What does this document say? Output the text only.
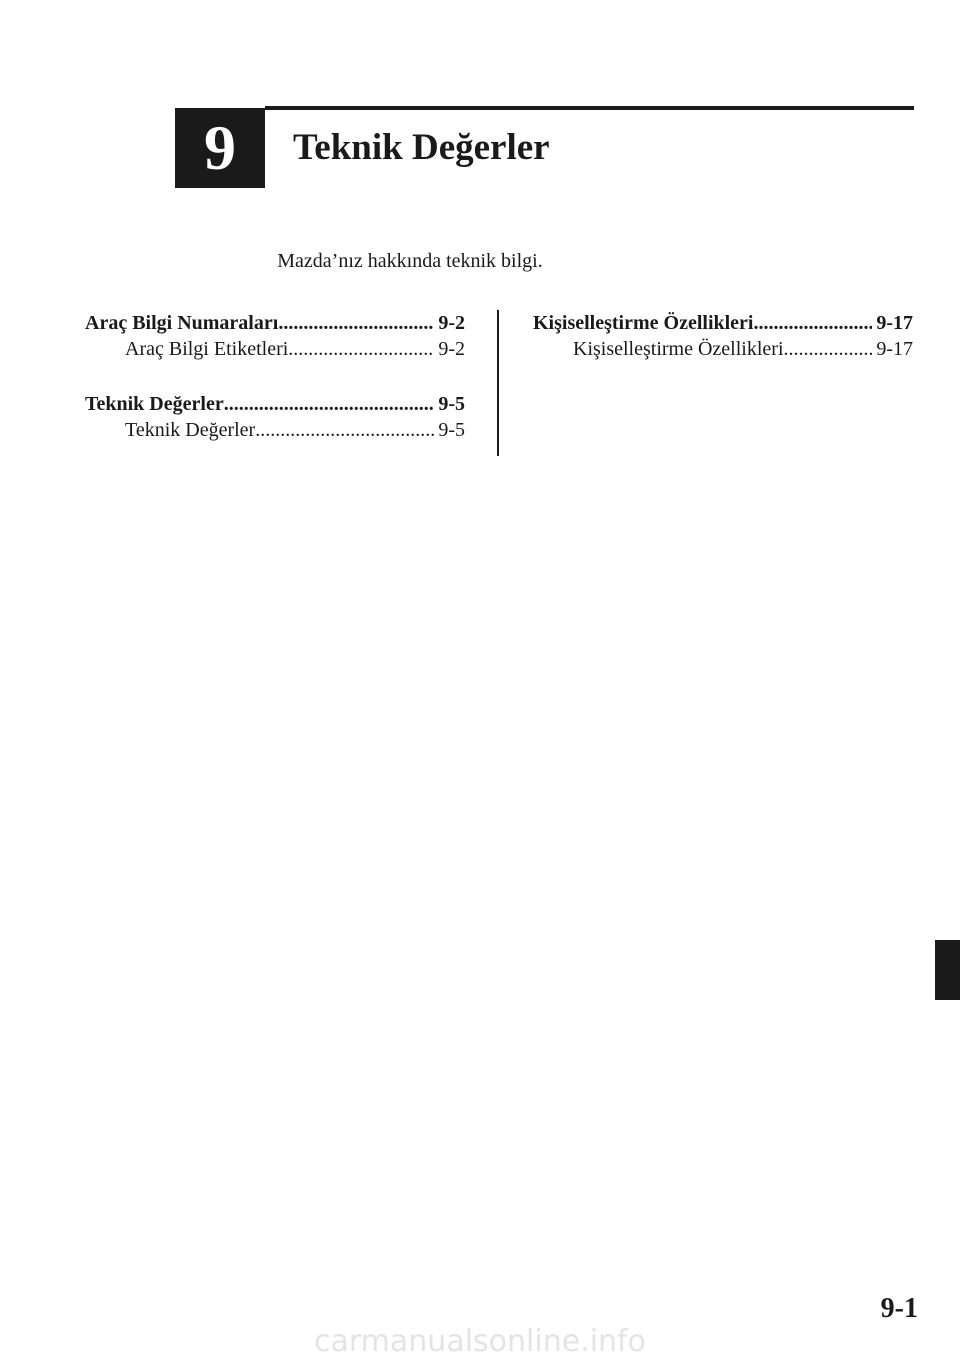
9 Teknik Değerler
Mazda’nız hakkında teknik bilgi.
Araç Bilgi Numaraları .....	9-2
Araç Bilgi Etiketleri .....	9-2
Teknik Değerler .....	9-5
Teknik Değerler .....	9-5
Kişiselleştirme Özellikleri .....	9-17
Kişiselleştirme Özellikleri .....	9-17
9-1
carmanualsonline.info
